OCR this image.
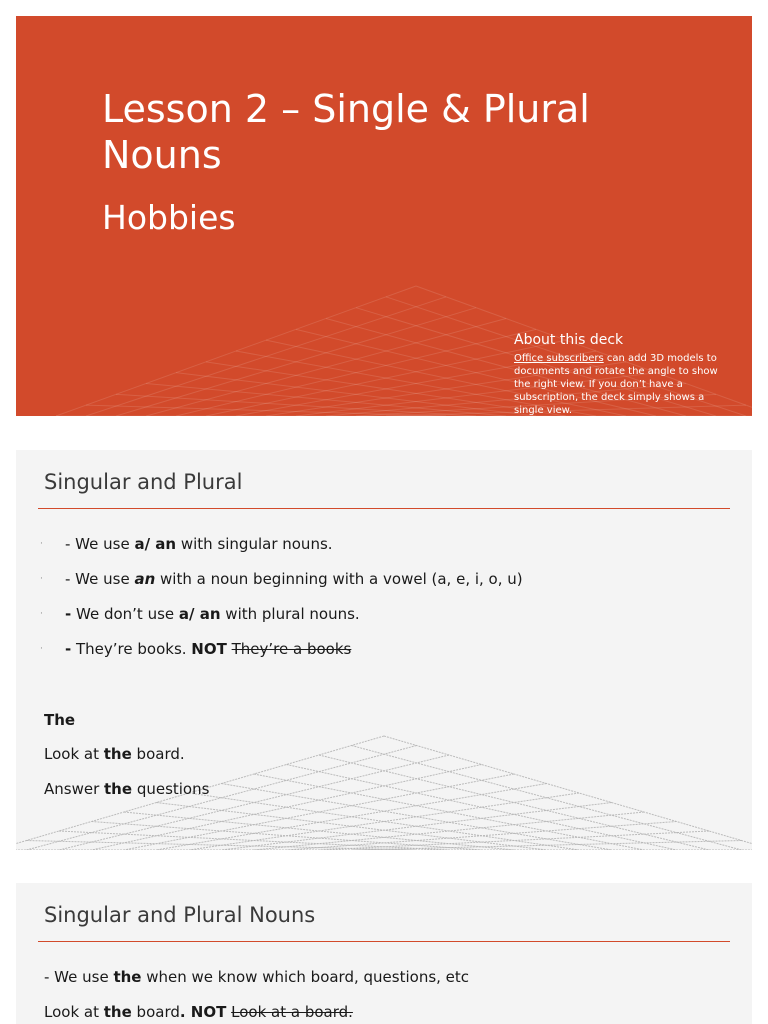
Lesson 2 – Single & Plural Nouns
Hobbies
About this deck
Office subscribers can add 3D models to documents and rotate the angle to show the right view. If you don’t have a subscription, the deck simply shows a single view.
Singular and Plural
· - We use a/ an with singular nouns.
· - We use an with a noun beginning with a vowel (a, e, i, o, u)
· - We don’t use a/ an with plural nouns.
· - They’re books. NOT They’re a books

The

Look at the board.

Answer the questions

Singular and Plural Nouns

- We use the when we know which board, questions, etc

Look at the board. NOT Look at a board.
